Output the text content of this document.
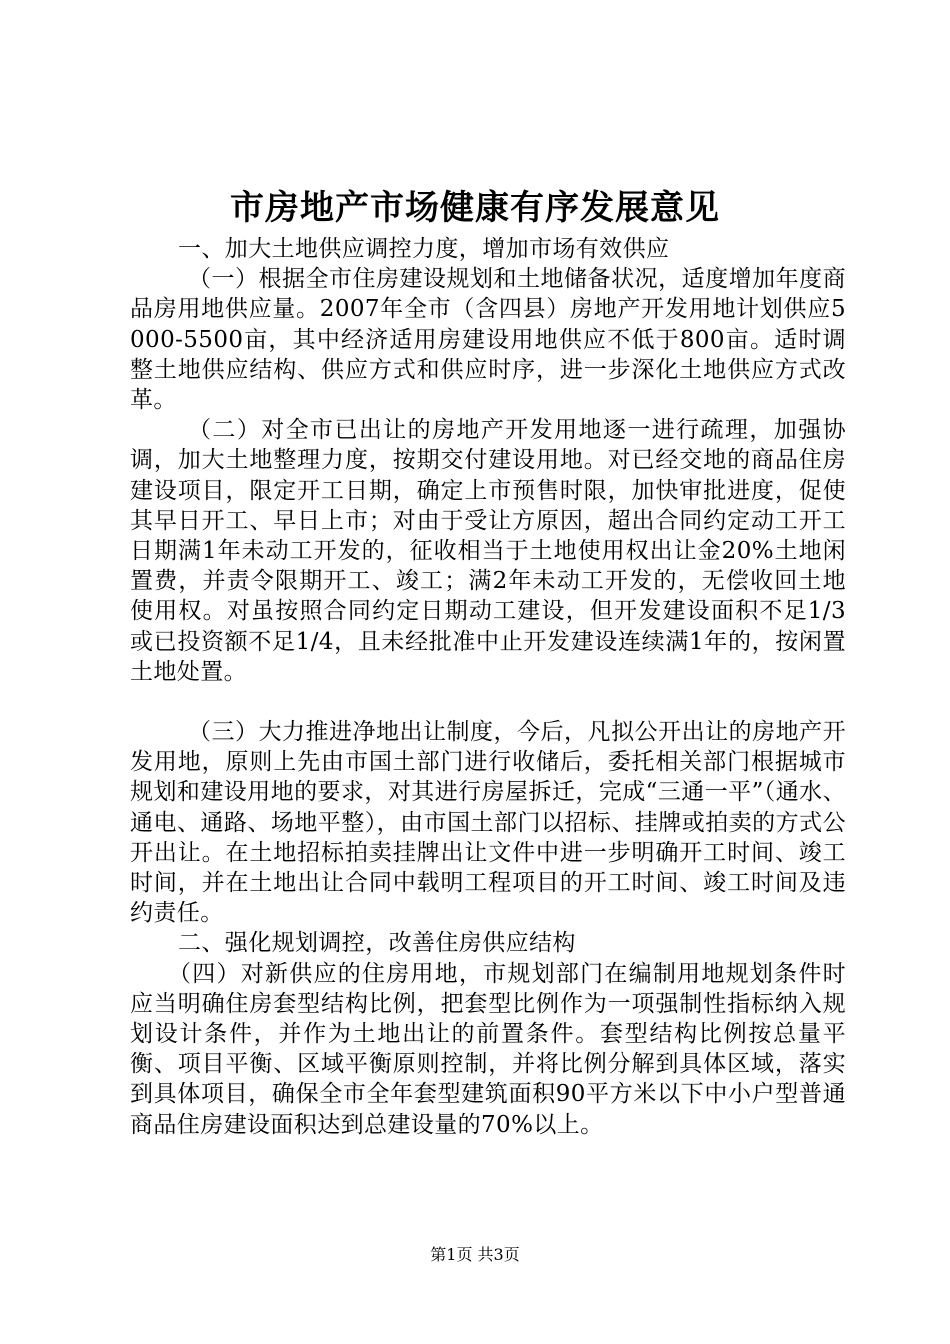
市房地产市场健康有序发展意见

一、加大土地供应调控力度，增加市场有效供应

（一）根据全市住房建设规划和土地储备状况，适度增加年度商品房用地供应量。2007年全市（含四县）房地产开发用地计划供应5000-5500亩，其中经济适用房建设用地供应不低于800亩。适时调整土地供应结构、供应方式和供应时序，进一步深化土地供应方式改革。

（二）对全市已出让的房地产开发用地逐一进行疏理，加强协调，加大土地整理力度，按期交付建设用地。对已经交地的商品住房建设项目，限定开工日期，确定上市预售时限，加快审批进度，促使其早日开工、早日上市；对由于受让方原因，超出合同约定动工开工日期满1年未动工开发的，征收相当于土地使用权出让金20%土地闲置费，并责令限期开工、竣工；满2年未动工开发的，无偿收回土地使用权。对虽按照合同约定日期动工建设，但开发建设面积不足1/3或已投资额不足1/4，且未经批准中止开发建设连续满1年的，按闲置土地处置。

（三）大力推进净地出让制度，今后，凡拟公开出让的房地产开发用地，原则上先由市国土部门进行收储后，委托相关部门根据城市规划和建设用地的要求，对其进行房屋拆迁，完成“三通一平”（通水、通电、通路、场地平整），由市国土部门以招标、挂牌或拍卖的方式公开出让。在土地招标拍卖挂牌出让文件中进一步明确开工时间、竣工时间，并在土地出让合同中载明工程项目的开工时间、竣工时间及违约责任。

二、强化规划调控，改善住房供应结构

（四）对新供应的住房用地，市规划部门在编制用地规划条件时应当明确住房套型结构比例，把套型比例作为一项强制性指标纳入规划设计条件，并作为土地出让的前置条件。套型结构比例按总量平衡、项目平衡、区域平衡原则控制，并将比例分解到具体区域，落实到具体项目，确保全市全年套型建筑面积90平方米以下中小户型普通商品住房建设面积达到总建设量的70%以上。

第1页 共3页
